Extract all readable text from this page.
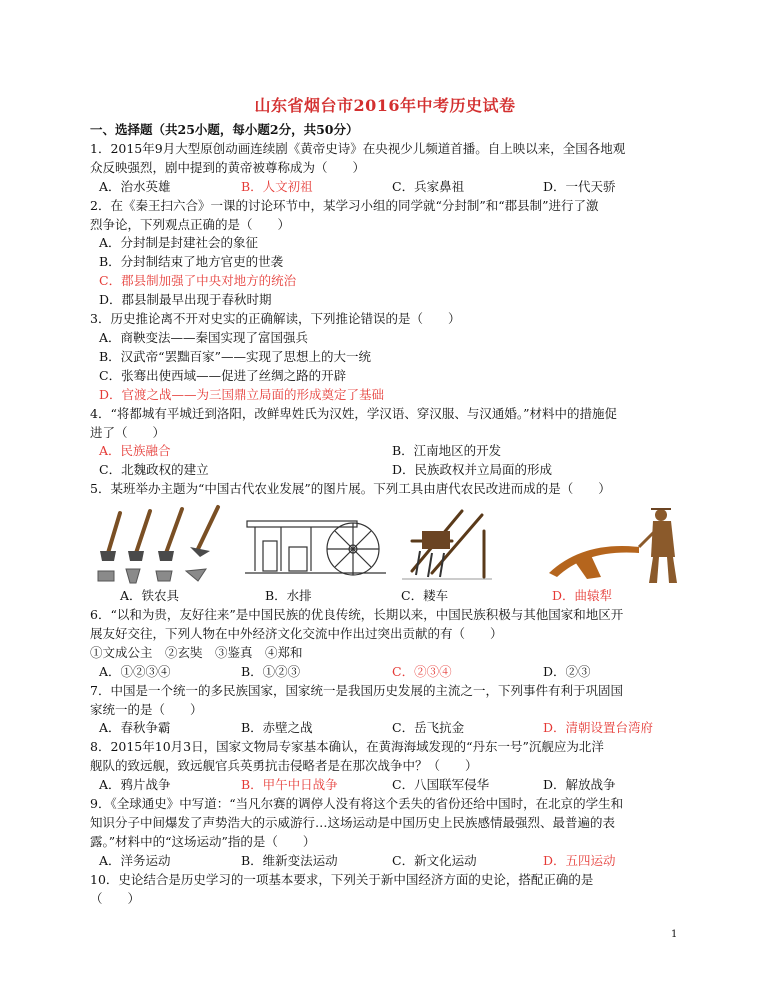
山东省烟台市2016年中考历史试卷
一、选择题（共25小题，每小题2分，共50分）
1．2015年9月大型原创动画连续剧《黄帝史诗》在央视少儿频道首播。自上映以来，全国各地观
众反映强烈，剧中提到的黄帝被尊称成为（　　）
A．治水英雄	B．人文初祖	C．兵家鼻祖	D．一代天骄
2．在《秦王扫六合》一课的讨论环节中，某学习小组的同学就“分封制”和“郡县制”进行了激
烈争论，下列观点正确的是（　　）
A．分封制是封建社会的象征
B．分封制结束了地方官吏的世袭
C．郡县制加强了中央对地方的统治
D．郡县制最早出现于春秋时期
3．历史推论离不开对史实的正确解读，下列推论错误的是（　　）
A．商鞅变法——秦国实现了富国强兵
B．汉武帝“罢黜百家”——实现了思想上的大一统
C．张骞出使西域——促进了丝绸之路的开辟
D．官渡之战——为三国鼎立局面的形成奠定了基础
4．“将都城有平城迁到洛阳，改鲜卑姓氏为汉姓，学汉语、穿汉服、与汉通婚。”材料中的措施促
进了（　　）
A．民族融合	B．江南地区的开发
C．北魏政权的建立	D．民族政权并立局面的形成
5．某班举办主题为“中国古代农业发展”的图片展。下列工具由唐代农民改进而成的是（　　）
A．铁农具	B．水排	C．耧车	D．曲辕犁
6．“以和为贵，友好往来”是中国民族的优良传统，长期以来，中国民族积极与其他国家和地区开
展友好交往，下列人物在中外经济文化交流中作出过突出贡献的有（　　）
①文成公主　②玄奘　③鉴真　④郑和
A．①②③④	B．①②③	C．②③④	D．②③
7．中国是一个统一的多民族国家，国家统一是我国历史发展的主流之一，下列事件有利于巩固国
家统一的是（　　）
A．春秋争霸	B．赤壁之战	C．岳飞抗金	D．清朝设置台湾府
8．2015年10月3日，国家文物局专家基本确认，在黄海海域发现的“丹东一号”沉舰应为北洋
舰队的致远舰，致远舰官兵英勇抗击侵略者是在那次战争中？（　　）
A．鸦片战争	B．甲午中日战争	C．八国联军侵华	D．解放战争
9．《全球通史》中写道：“当凡尔赛的调停人没有将这个丢失的省份还给中国时，在北京的学生和
知识分子中间爆发了声势浩大的示威游行…这场运动是中国历史上民族感情最强烈、最普遍的表
露。”材料中的“这场运动”指的是（　　）
A．洋务运动	B．维新变法运动	C．新文化运动	D．五四运动
10．史论结合是历史学习的一项基本要求，下列关于新中国经济方面的史论，搭配正确的是
（　　）
1
